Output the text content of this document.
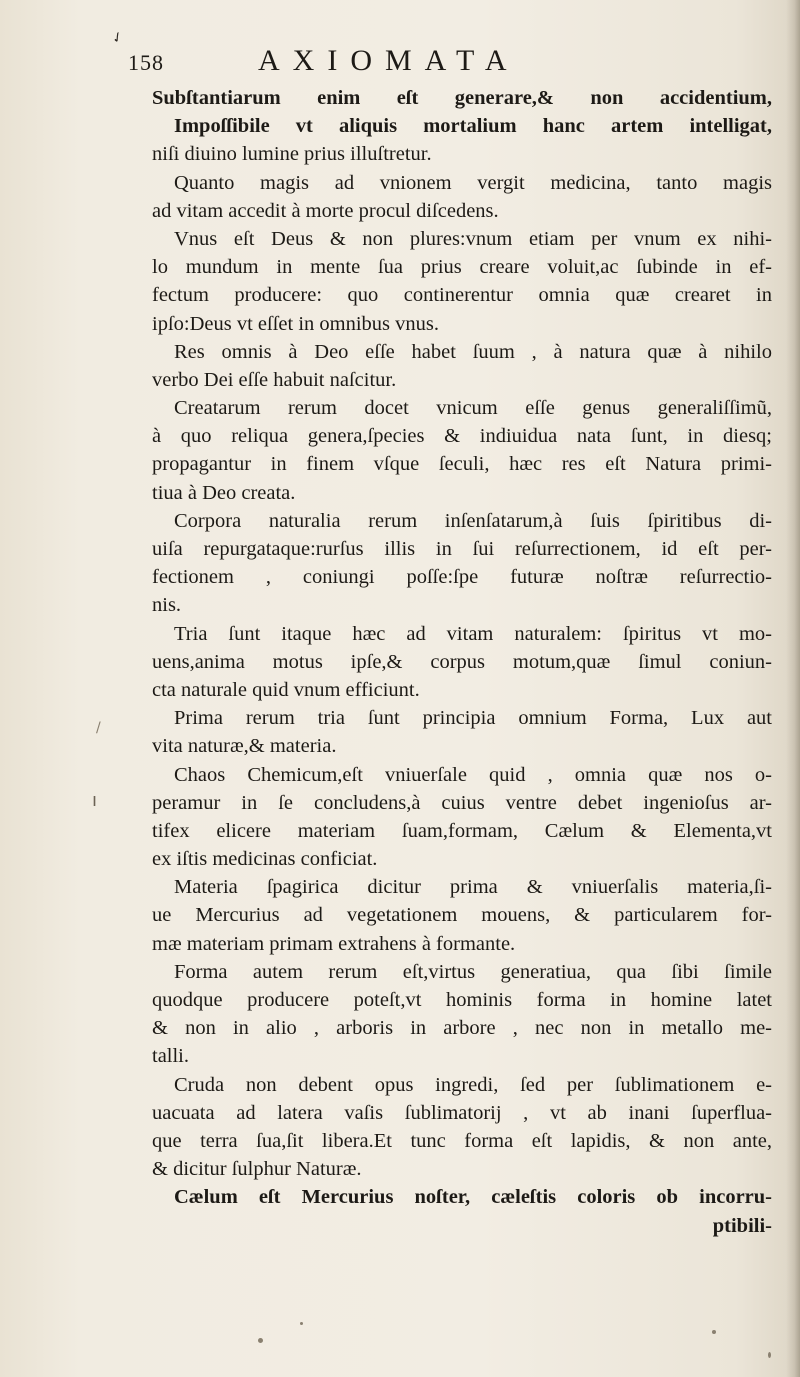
✓
/
ı
158	AXIOMATA
Subſtantiarum enim eſt generare,& non accidentium,
Impoſſibile vt aliquis mortalium hanc artem intelligat,
niſi diuino lumine prius illuſtretur.
Quanto magis ad vnionem vergit medicina, tanto magis
ad vitam accedit à morte procul diſcedens.
Vnus eſt Deus & non plures:vnum etiam per vnum ex nihi-
lo mundum in mente ſua prius creare voluit,ac ſubinde in ef-
fectum producere: quo continerentur omnia quæ crearet in
ipſo:Deus vt eſſet in omnibus vnus.
Res omnis à Deo eſſe habet ſuum , à natura quæ à nihilo
verbo Dei eſſe habuit naſcitur.
Creatarum rerum docet vnicum eſſe genus generaliſſimũ,
à quo reliqua genera,ſpecies & indiuidua nata ſunt, in diesq;
propagantur in finem vſque ſeculi, hæc res eſt Natura primi-
tiua à Deo creata.
Corpora naturalia rerum inſenſatarum,à ſuis ſpiritibus di-
uiſa repurgataque:rurſus illis in ſui reſurrectionem, id eſt per-
fectionem , coniungi poſſe:ſpe futuræ noſtræ reſurrectio-
nis.
Tria ſunt itaque hæc ad vitam naturalem: ſpiritus vt mo-
uens,anima motus ipſe,& corpus motum,quæ ſimul coniun-
cta naturale quid vnum efficiunt.
Prima rerum tria ſunt principia omnium Forma, Lux aut
vita naturæ,& materia.
Chaos Chemicum,eſt vniuerſale quid , omnia quæ nos o-
peramur in ſe concludens,à cuius ventre debet ingenioſus ar-
tifex elicere materiam ſuam,formam, Cælum & Elementa,vt
ex iſtis medicinas conficiat.
Materia ſpagirica dicitur prima & vniuerſalis materia,ſi-
ue Mercurius ad vegetationem mouens, & particularem for-
mæ materiam primam extrahens à formante.
Forma autem rerum eſt,virtus generatiua, qua ſibi ſimile
quodque producere poteſt,vt hominis forma in homine latet
& non in alio , arboris in arbore , nec non in metallo me-
talli.
Cruda non debent opus ingredi, ſed per ſublimationem e-
uacuata ad latera vaſis ſublimatorij , vt ab inani ſuperflua-
que terra ſua,ſit libera.Et tunc forma eſt lapidis, & non ante,
& dicitur ſulphur Naturæ.
Cælum eſt Mercurius noſter, cæleſtis coloris ob incorru-
ptibili-
